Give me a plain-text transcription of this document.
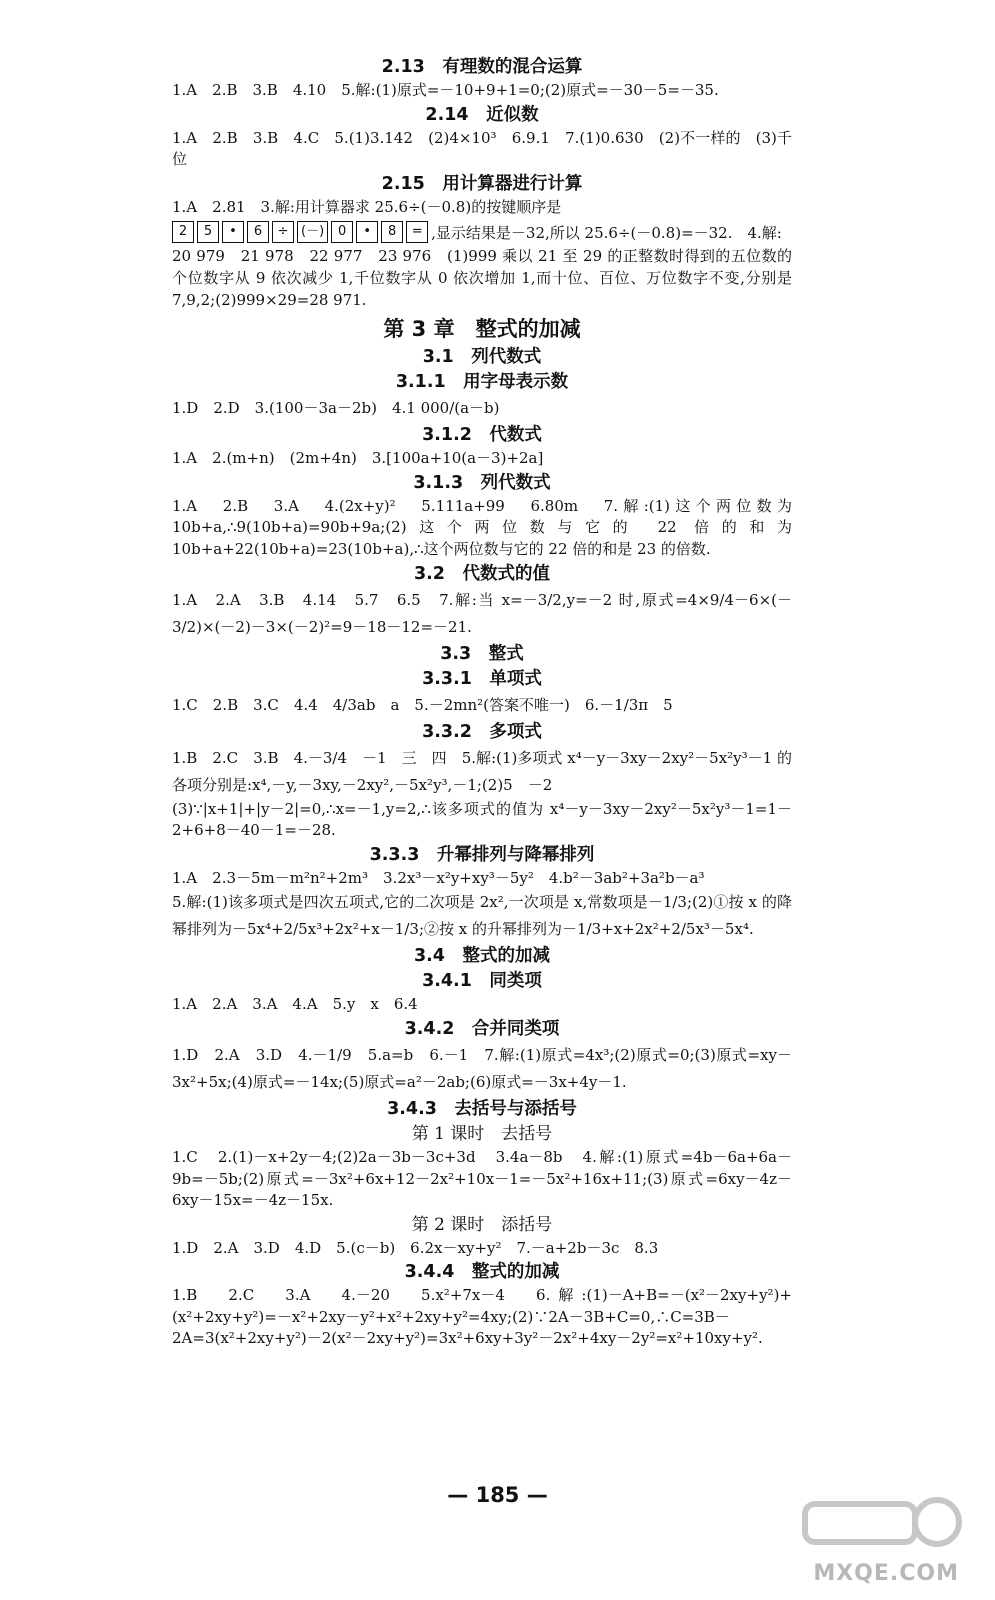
2.13　有理数的混合运算
1.A　2.B　3.B　4.10　5.解:(1)原式=－10+9+1=0;(2)原式=－30－5=－35.
2.14　近似数
1.A　2.B　3.B　4.C　5.(1)3.142　(2)4×10³　6.9.1　7.(1)0.630　(2)不一样的　(3)千位
2.15　用计算器进行计算
1.A　2.81　3.解:用计算器求 25.6÷(－0.8)的按键顺序是
2	5	•	6	÷ (－)	0	•	8	= ,显示结果是－32,所以 25.6÷(－0.8)=－32.　4.解:
20 979　21 978　22 977　23 976　(1)999 乘以 21 至 29 的正整数时得到的五位数的个位数字从 9 依次减少 1,千位数字从 0 依次增加 1,而十位、百位、万位数字不变,分别是 7,9,2;(2)999×29=28 971.
第 3 章　整式的加减
3.1　列代数式
3.1.1　用字母表示数
1.D　2.D　3.(100－3a－2b)　4.1 000/(a－b)
3.1.2　代数式
1.A　2.(m+n)　(2m+4n)　3.[100a+10(a－3)+2a]
3.1.3　列代数式
1.A　2.B　3.A　4.(2x+y)²　5.111a+99　6.80m　7.解:(1)这个两位数为 10b+a,∴9(10b+a)=90b+9a;(2)这个两位数与它的 22 倍的和为 10b+a+22(10b+a)=23(10b+a),∴这个两位数与它的 22 倍的和是 23 的倍数.
3.2　代数式的值
1.A　2.A　3.B　4.14　5.7　6.5　7.解:当 x=－3/2,y=－2 时,原式=4×9/4－6×(－3/2)×(－2)－3×(－2)²=9－18－12=－21.
3.3　整式
3.3.1　单项式
1.C　2.B　3.C　4.4　4/3ab　a　5.－2mn²(答案不唯一)　6.－1/3π　5
3.3.2　多项式
1.B　2.C　3.B　4.－3/4　－1　三　四　5.解:(1)多项式 x⁴－y－3xy－2xy²－5x²y³－1 的各项分别是:x⁴,－y,－3xy,－2xy²,－5x²y³,－1;(2)5　－2
(3)∵|x+1|+|y－2|=0,∴x=－1,y=2,∴该多项式的值为 x⁴－y－3xy－2xy²－5x²y³－1=1－2+6+8－40－1=－28.
3.3.3　升幂排列与降幂排列
1.A　2.3－5m－m²n²+2m³　3.2x³－x²y+xy³－5y²　4.b²－3ab²+3a²b－a³
5.解:(1)该多项式是四次五项式,它的二次项是 2x²,一次项是 x,常数项是－1/3;(2)①按 x 的降幂排列为－5x⁴+2/5x³+2x²+x－1/3;②按 x 的升幂排列为－1/3+x+2x²+2/5x³－5x⁴.
3.4　整式的加减
3.4.1　同类项
1.A　2.A　3.A　4.A　5.y　x　6.4
3.4.2　合并同类项
1.D　2.A　3.D　4.－1/9　5.a=b　6.－1　7.解:(1)原式=4x³;(2)原式=0;(3)原式=xy－3x²+5x;(4)原式=－14x;(5)原式=a²－2ab;(6)原式=－3x+4y－1.
3.4.3　去括号与添括号
第 1 课时　去括号
1.C　2.(1)－x+2y－4;(2)2a－3b－3c+3d　3.4a－8b　4.解:(1)原式=4b－6a+6a－9b=－5b;(2)原式=－3x²+6x+12－2x²+10x－1=－5x²+16x+11;(3)原式=6xy－4z－6xy－15x=－4z－15x.
第 2 课时　添括号
1.D　2.A　3.D　4.D　5.(c－b)　6.2x－xy+y²　7.－a+2b－3c　8.3
3.4.4　整式的加减
1.B　2.C　3.A　4.－20　5.x²+7x－4　6.解:(1)－A+B=－(x²－2xy+y²)+(x²+2xy+y²)=－x²+2xy－y²+x²+2xy+y²=4xy;(2)∵2A－3B+C=0,∴C=3B－2A=3(x²+2xy+y²)－2(x²－2xy+y²)=3x²+6xy+3y²－2x²+4xy－2y²=x²+10xy+y².
— 185 —
MXQE.COM
